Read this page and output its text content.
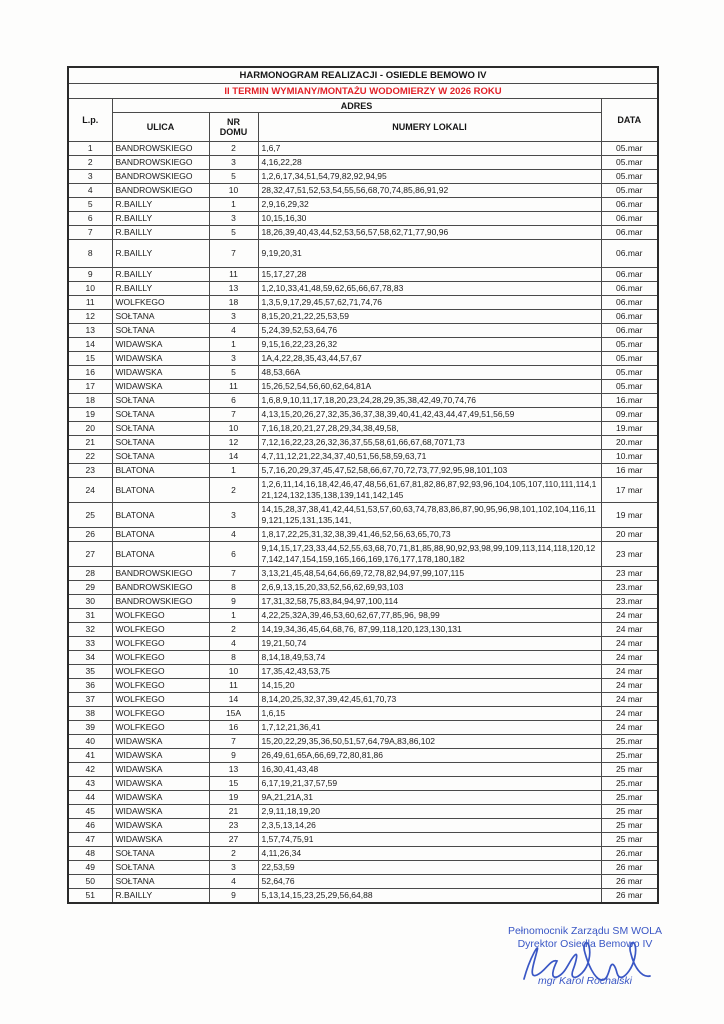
HARMONOGRAM REALIZACJI - OSIEDLE BEMOWO IV				
II TERMIN WYMIANY/MONTAŻU WODOMIERZY W 2026 ROKU				
L.p.	ADRES			DATA
	ULICA	NR DOMU	NUMERY LOKALI	
1	BANDROWSKIEGO	2	1,6,7	05.mar
2	BANDROWSKIEGO	3	4,16,22,28	05.mar
3	BANDROWSKIEGO	5	1,2,6,17,34,51,54,79,82,92,94,95	05.mar
4	BANDROWSKIEGO	10	28,32,47,51,52,53,54,55,56,68,70,74,85,86,91,92	05.mar
5	R.BAILLY	1	2,9,16,29,32	06.mar
6	R.BAILLY	3	10,15,16,30	06.mar
7	R.BAILLY	5	18,26,39,40,43,44,52,53,56,57,58,62,71,77,90,96	06.mar
8	R.BAILLY	7	9,19,20,31	06.mar
9	R.BAILLY	11	15,17,27,28	06.mar
10	R.BAILLY	13	1,2,10,33,41,48,59,62,65,66,67,78,83	06.mar
11	WOLFKEGO	18	1,3,5,9,17,29,45,57,62,71,74,76	06.mar
12	SOŁTANA	3	8,15,20,21,22,25,53,59	06.mar
13	SOŁTANA	4	5,24,39,52,53,64,76	06.mar
14	WIDAWSKA	1	9,15,16,22,23,26,32	05.mar
15	WIDAWSKA	3	1A,4,22,28,35,43,44,57,67	05.mar
16	WIDAWSKA	5	48,53,66A	05.mar
17	WIDAWSKA	11	15,26,52,54,56,60,62,64,81A	05.mar
18	SOŁTANA	6	1,6,8,9,10,11,17,18,20,23,24,28,29,35,38,42,49,70,74,76	16.mar
19	SOŁTANA	7	4,13,15,20,26,27,32,35,36,37,38,39,40,41,42,43,44,47,49,51,56,59	09.mar
20	SOŁTANA	10	7,16,18,20,21,27,28,29,34,38,49,58,	19.mar
21	SOŁTANA	12	7,12,16,22,23,26,32,36,37,55,58,61,66,67,68,7071,73	20.mar
22	SOŁTANA	14	4,7,11,12,21,22,34,37,40,51,56,58,59,63,71	10.mar
23	BLATONA	1	5,7,16,20,29,37,45,47,52,58,66,67,70,72,73,77,92,95,98,101,103	16 mar
24	BLATONA	2	1,2,6,11,14,16,18,42,46,47,48,56,61,67,81,82,86,87,92,93,96,104,105,107,110,111,114,121,124,132,135,138,139,141,142,145	17 mar
25	BLATONA	3	14,15,28,37,38,41,42,44,51,53,57,60,63,74,78,83,86,87,90,95,96,98,101,102,104,116,119,121,125,131,135,141,	19 mar
26	BLATONA	4	1,8,17,22,25,31,32,38,39,41,46,52,56,63,65,70,73	20 mar
27	BLATONA	6	9,14,15,17,23,33,44,52,55,63,68,70,71,81,85,88,90,92,93,98,99,109,113,114,118,120,127,142,147,154,159,165,166,169,176,177,178,180,182	23 mar
28	BANDROWSKIEGO	7	3,13,21,45,48,54,64,66,69,72,78,82,94,97,99,107,115	23 mar
29	BANDROWSKIEGO	8	2,6,9,13,15,20,33,52,56,62,69,93,103	23.mar
30	BANDROWSKIEGO	9	17,31,32,58,75,83,84,94,97,100,114	23.mar
31	WOLFKEGO	1	4,22,25,32A,39,46,53,60,62,67,77,85,96, 98,99	24 mar
32	WOLFKEGO	2	14,19,34,36,45,64,68,76, 87,99,118,120,123,130,131	24 mar
33	WOLFKEGO	4	19,21,50,74	24 mar
34	WOLFKEGO	8	8,14,18,49,53,74	24 mar
35	WOLFKEGO	10	17,35,42,43,53,75	24 mar
36	WOLFKEGO	11	14,15,20	24 mar
37	WOLFKEGO	14	8,14,20,25,32,37,39,42,45,61,70,73	24 mar
38	WOLFKEGO	15A	1,6,15	24 mar
39	WOLFKEGO	16	1,7,12,21,36,41	24 mar
40	WIDAWSKA	7	15,20,22,29,35,36,50,51,57,64,79A,83,86,102	25.mar
41	WIDAWSKA	9	26,49,61,65A,66,69,72,80,81,86	25.mar
42	WIDAWSKA	13	16,30,41,43,48	25 mar
43	WIDAWSKA	15	6,17,19,21,37,57,59	25.mar
44	WIDAWSKA	19	9A,21,21A,31	25.mar
45	WIDAWSKA	21	2,9,11,18,19,20	25 mar
46	WIDAWSKA	23	2,3,5,13,14,26	25 mar
47	WIDAWSKA	27	1,57,74,75,91	25 mar
48	SOŁTANA	2	4,11,26,34	26.mar
49	SOŁTANA	3	22,53,59	26 mar
50	SOŁTANA	4	52,64,76	26 mar
51	R.BAILLY	9	5,13,14,15,23,25,29,56,64,88	26 mar
Pełnomocnik Zarządu SM WOLA
Dyrektor Osiedla Bemowo IV
mgr Karol Rochalski
